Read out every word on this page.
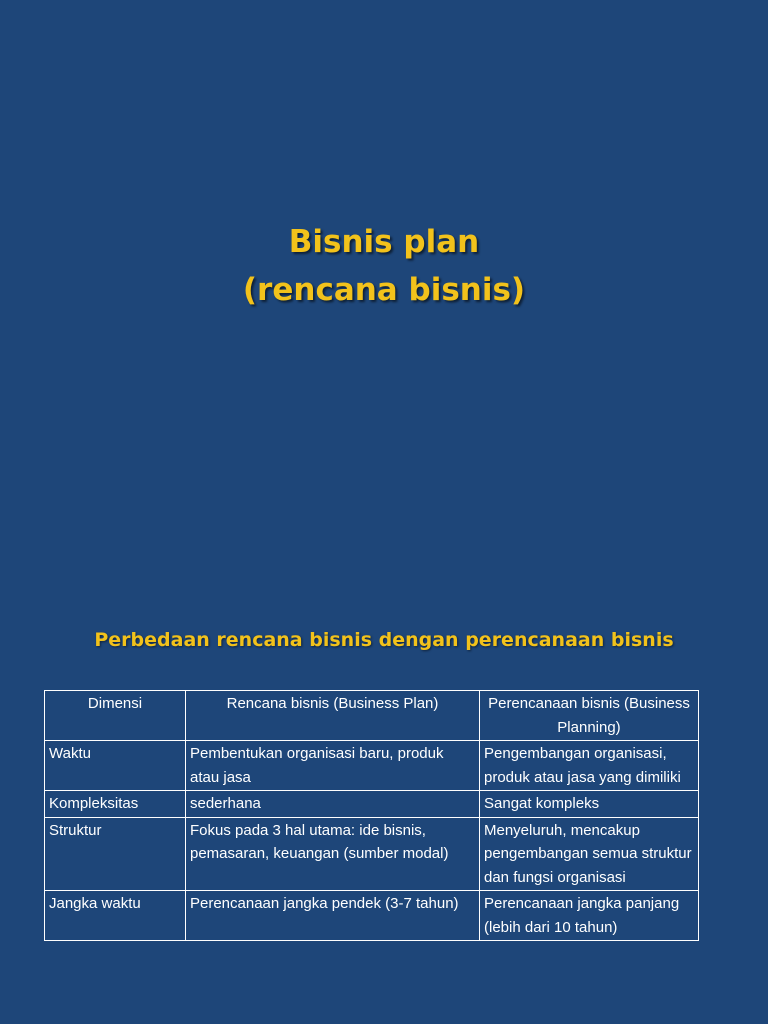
Bisnis plan
(rencana bisnis)
Perbedaan rencana bisnis dengan perencanaan bisnis
Dimensi	Rencana bisnis (Business Plan)	Perencanaan bisnis (Business Planning)
Waktu	Pembentukan organisasi baru, produk atau jasa	Pengembangan organisasi, produk atau jasa yang dimiliki
Kompleksitas	sederhana	Sangat kompleks
Struktur	Fokus pada 3 hal utama: ide bisnis, pemasaran, keuangan (sumber modal)	Menyeluruh, mencakup pengembangan semua struktur dan fungsi organisasi
Jangka waktu	Perencanaan jangka pendek (3-7 tahun)	Perencanaan jangka panjang (lebih dari 10 tahun)
